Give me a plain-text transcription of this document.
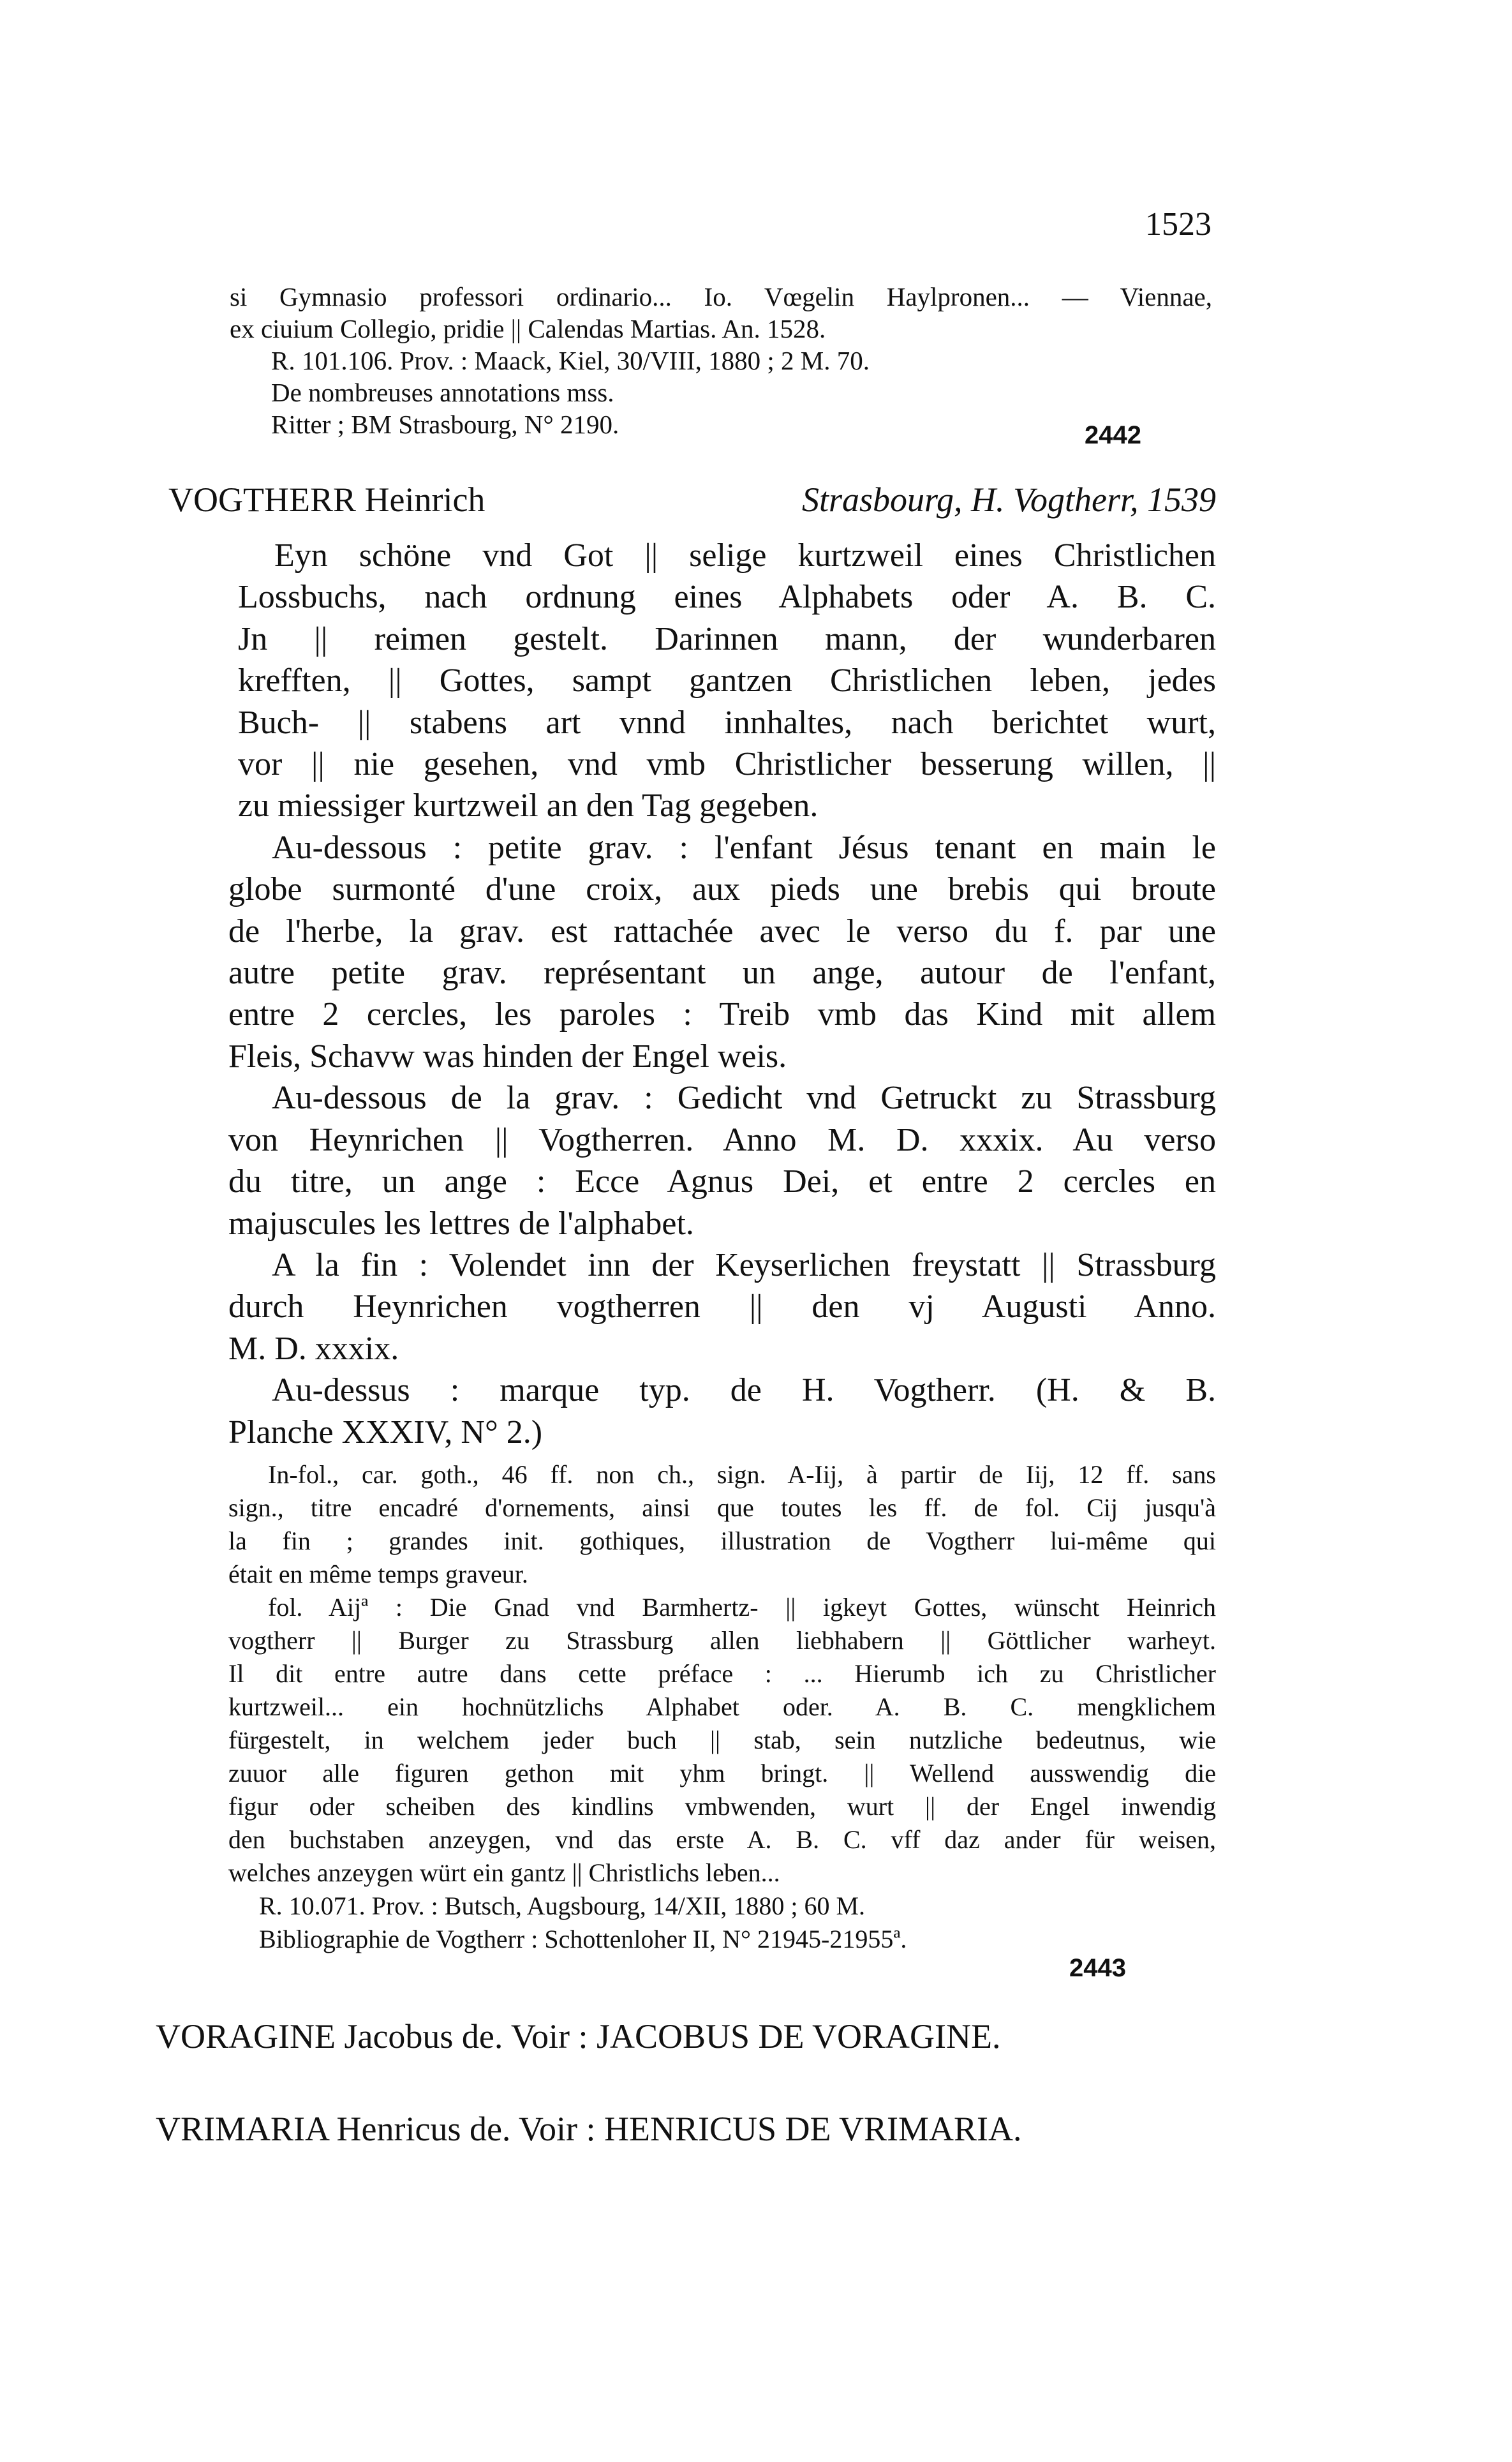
1523
si Gymnasio professori ordinario... Io. Vœgelin Haylpronen... — Viennae,
ex ciuium Collegio, pridie || Calendas Martias. An. 1528.
R. 101.106. Prov. : Maack, Kiel, 30/VIII, 1880 ; 2 M. 70.
De nombreuses annotations mss.
Ritter ; BM Strasbourg, N° 2190.	2442
VOGTHERR Heinrich	Strasbourg, H. Vogtherr, 1539

Eyn schöne vnd Got || selige kurtzweil eines Christlichen

Lossbuchs, nach ordnung eines Alphabets oder A. B. C.

Jn || reimen gestelt. Darinnen mann, der wunderbaren

krefften, || Gottes, sampt gantzen Christlichen leben, jedes

Buch- || stabens art vnnd innhaltes, nach berichtet wurt,

vor || nie gesehen, vnd vmb Christlicher besserung willen, ||

zu miessiger kurtzweil an den Tag gegeben.

Au-dessous : petite grav. : l'enfant Jésus tenant en main le

globe surmonté d'une croix, aux pieds une brebis qui broute

de l'herbe, la grav. est rattachée avec le verso du f. par une

autre petite grav. représentant un ange, autour de l'enfant,

entre 2 cercles, les paroles : Treib vmb das Kind mit allem

Fleis, Schavw was hinden der Engel weis.

Au-dessous de la grav. : Gedicht vnd Getruckt zu Strassburg

von Heynrichen || Vogtherren. Anno M. D. xxxix. Au verso

du titre, un ange : Ecce Agnus Dei, et entre 2 cercles en

majuscules les lettres de l'alphabet.

A la fin : Volendet inn der Keyserlichen freystatt || Strassburg

durch Heynrichen vogtherren || den vj Augusti Anno.

M. D. xxxix.

Au-dessus : marque typ. de H. Vogtherr. (H. & B.

Planche XXXIV, N° 2.)

In-fol., car. goth., 46 ff. non ch., sign. A-Iij, à partir de Iij, 12 ff. sans

sign., titre encadré d'ornements, ainsi que toutes les ff. de fol. Cij jusqu'à

la fin ; grandes init. gothiques, illustration de Vogtherr lui-même qui

était en même temps graveur.

fol. Aijª : Die Gnad vnd Barmhertz- || igkeyt Gottes, wünscht Heinrich

vogtherr || Burger zu Strassburg allen liebhabern || Göttlicher warheyt.

Il dit entre autre dans cette préface : ... Hierumb ich zu Christlicher

kurtzweil... ein hochnützlichs Alphabet oder. A. B. C. mengklichem

fürgestelt, in welchem jeder buch || stab, sein nutzliche bedeutnus, wie

zuuor alle figuren gethon mit yhm bringt. || Wellend ausswendig die

figur oder scheiben des kindlins vmbwenden, wurt || der Engel inwendig

den buchstaben anzeygen, vnd das erste A. B. C. vff daz ander für weisen,

welches anzeygen würt ein gantz || Christlichs leben...

R. 10.071. Prov. : Butsch, Augsbourg, 14/XII, 1880 ; 60 M.

Bibliographie de Vogtherr : Schottenloher II, N° 21945-21955ª.

2443

VORAGINE Jacobus de. Voir : JACOBUS DE VORAGINE.

VRIMARIA Henricus de. Voir : HENRICUS DE VRIMARIA.
